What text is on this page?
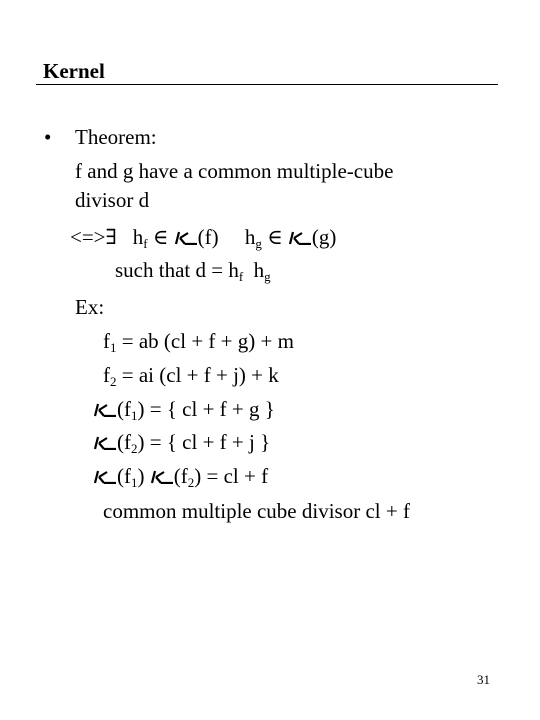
Kernel
• Theorem:
f and g have a common multiple-cube
divisor d
<=>∃ $h_f$ ∈ (f) $h_g$ ∈ (g)
such that $d = h_f$ $h_g$
Ex:
$f_1$ = ab (cl + f + g) + m
$f_2$ = ai (cl + f + j) + k
$(f_1)$ = { cl + f + g }
$(f_2)$ = { cl + f + j }
$(f_1) (f_2)$ = cl + f
common multiple cube divisor cl + f
31
